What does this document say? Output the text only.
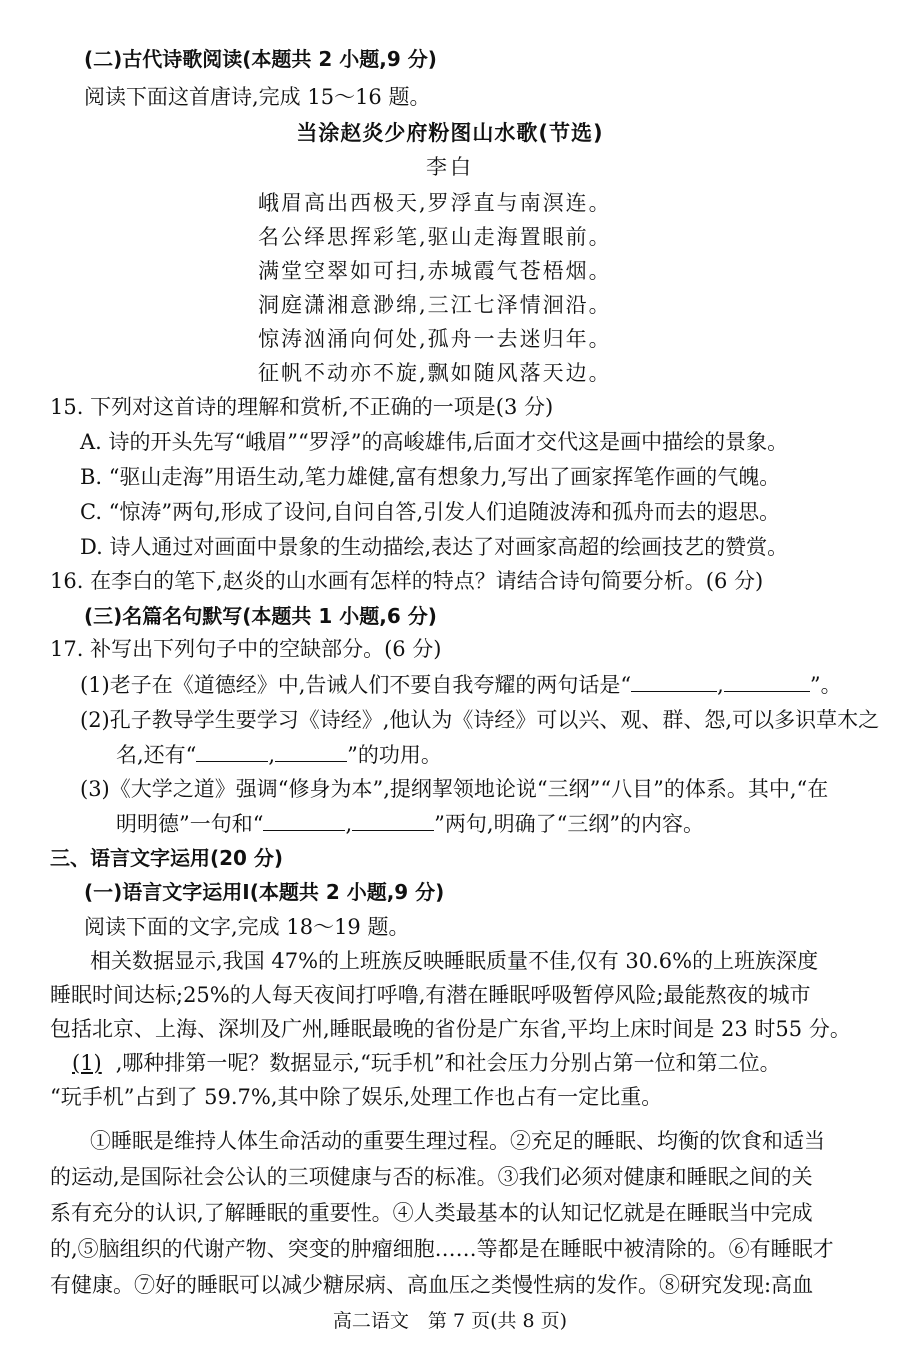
(二)古代诗歌阅读(本题共 2 小题,9 分)
阅读下面这首唐诗,完成 15～16 题。
当涂赵炎少府粉图山水歌(节选)
李白
峨眉高出西极天,罗浮直与南溟连。
名公绎思挥彩笔,驱山走海置眼前。
满堂空翠如可扫,赤城霞气苍梧烟。
洞庭潇湘意渺绵,三江七泽情洄沿。
惊涛汹涌向何处,孤舟一去迷归年。
征帆不动亦不旋,飘如随风落天边。
15. 下列对这首诗的理解和赏析,不正确的一项是(3 分)
A. 诗的开头先写“峨眉”“罗浮”的高峻雄伟,后面才交代这是画中描绘的景象。
B. “驱山走海”用语生动,笔力雄健,富有想象力,写出了画家挥笔作画的气魄。
C. “惊涛”两句,形成了设问,自问自答,引发人们追随波涛和孤舟而去的遐思。
D. 诗人通过对画面中景象的生动描绘,表达了对画家高超的绘画技艺的赞赏。
16. 在李白的笔下,赵炎的山水画有怎样的特点？请结合诗句简要分析。(6 分)
(三)名篇名句默写(本题共 1 小题,6 分)
17. 补写出下列句子中的空缺部分。(6 分)
(1)老子在《道德经》中,告诫人们不要自我夸耀的两句话是“	,	”。
(2)孔子教导学生要学习《诗经》,他认为《诗经》可以兴、观、群、怨,可以多识草木之
名,还有“	,	”的功用。
(3)《大学之道》强调“修身为本”,提纲挈领地论说“三纲”“八目”的体系。其中,“在
明明德”一句和“	,	”两句,明确了“三纲”的内容。
三、语言文字运用(20 分)
(一)语言文字运用Ⅰ(本题共 2 小题,9 分)
阅读下面的文字,完成 18～19 题。
相关数据显示,我国 47%的上班族反映睡眠质量不佳,仅有 30.6%的上班族深度
睡眠时间达标;25%的人每天夜间打呼噜,有潜在睡眠呼吸暂停风险;最能熬夜的城市
包括北京、上海、深圳及广州,睡眠最晚的省份是广东省,平均上床时间是 23 时55 分。
(1) ,哪种排第一呢？数据显示,“玩手机”和社会压力分别占第一位和第二位。
“玩手机”占到了 59.7%,其中除了娱乐,处理工作也占有一定比重。
①睡眠是维持人体生命活动的重要生理过程。②充足的睡眠、均衡的饮食和适当
的运动,是国际社会公认的三项健康与否的标准。③我们必须对健康和睡眠之间的关
系有充分的认识,了解睡眠的重要性。④人类最基本的认知记忆就是在睡眠当中完成
的,⑤脑组织的代谢产物、突变的肿瘤细胞……等都是在睡眠中被清除的。⑥有睡眠才
有健康。⑦好的睡眠可以减少糖尿病、高血压之类慢性病的发作。⑧研究发现:高血
高二语文　第 7 页(共 8 页)
